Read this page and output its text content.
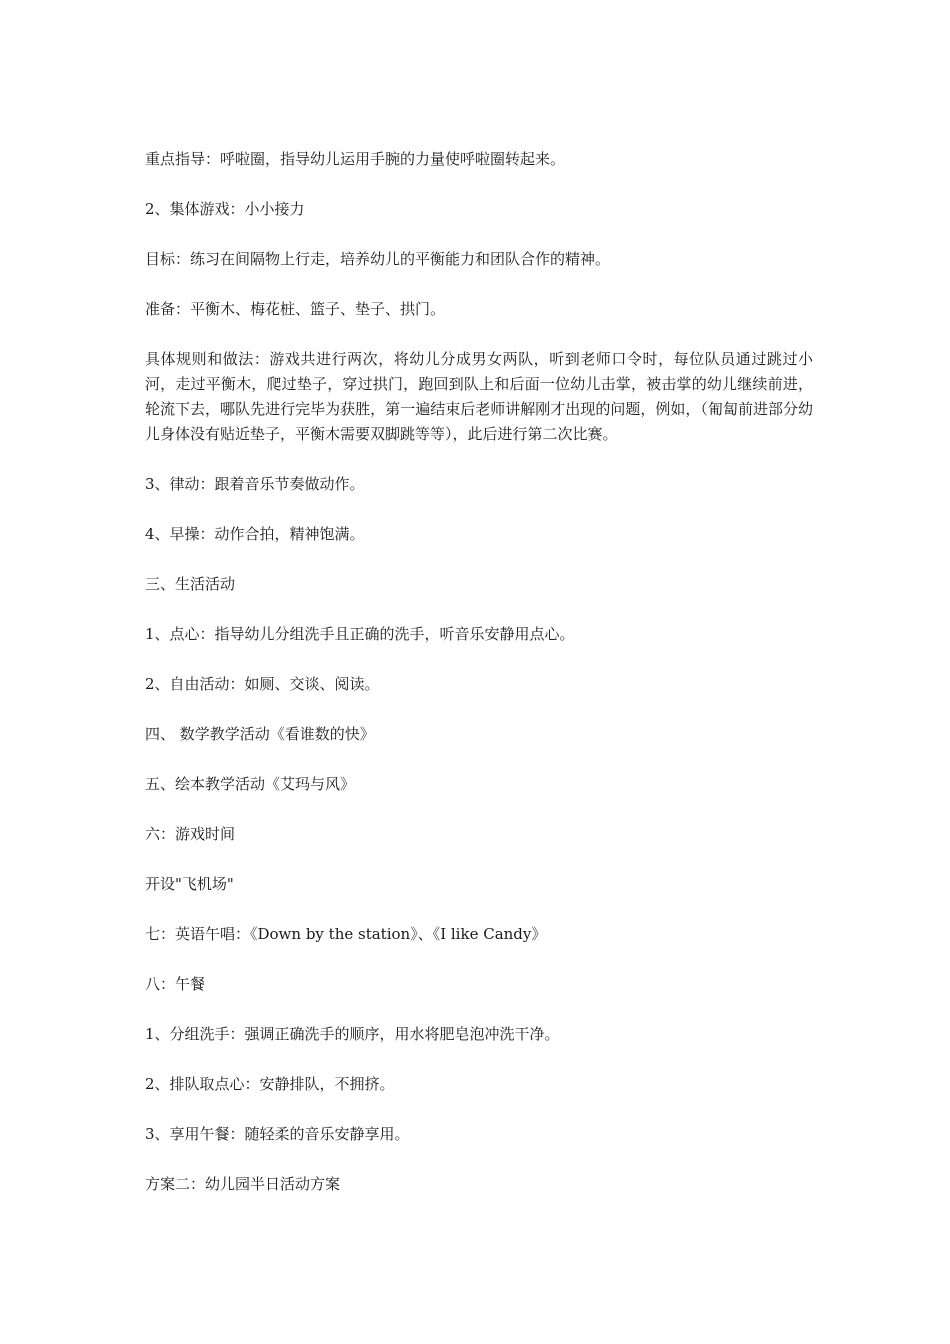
重点指导：呼啦圈，指导幼儿运用手腕的力量使呼啦圈转起来。

2、集体游戏：小小接力

目标：练习在间隔物上行走，培养幼儿的平衡能力和团队合作的精神。

准备：平衡木、梅花桩、篮子、垫子、拱门。

具体规则和做法：游戏共进行两次，将幼儿分成男女两队，听到老师口令时，每位队员通过跳过小河，走过平衡木，爬过垫子，穿过拱门，跑回到队上和后面一位幼儿击掌，被击掌的幼儿继续前进，轮流下去，哪队先进行完毕为获胜，第一遍结束后老师讲解刚才出现的问题，例如，（匍匐前进部分幼儿身体没有贴近垫子，平衡木需要双脚跳等等），此后进行第二次比赛。

3、律动：跟着音乐节奏做动作。

4、早操：动作合拍，精神饱满。

三、生活活动

1、点心：指导幼儿分组洗手且正确的洗手，听音乐安静用点心。

2、自由活动：如厕、交谈、阅读。

四、 数学教学活动《看谁数的快》

五、绘本教学活动《艾玛与风》

六：游戏时间

开设"飞机场"

七：英语午唱：《Down by the station》、《I like Candy》

八：午餐

1、分组洗手：强调正确洗手的顺序，用水将肥皂泡冲洗干净。

2、排队取点心：安静排队，不拥挤。

3、享用午餐：随轻柔的音乐安静享用。

方案二：幼儿园半日活动方案
